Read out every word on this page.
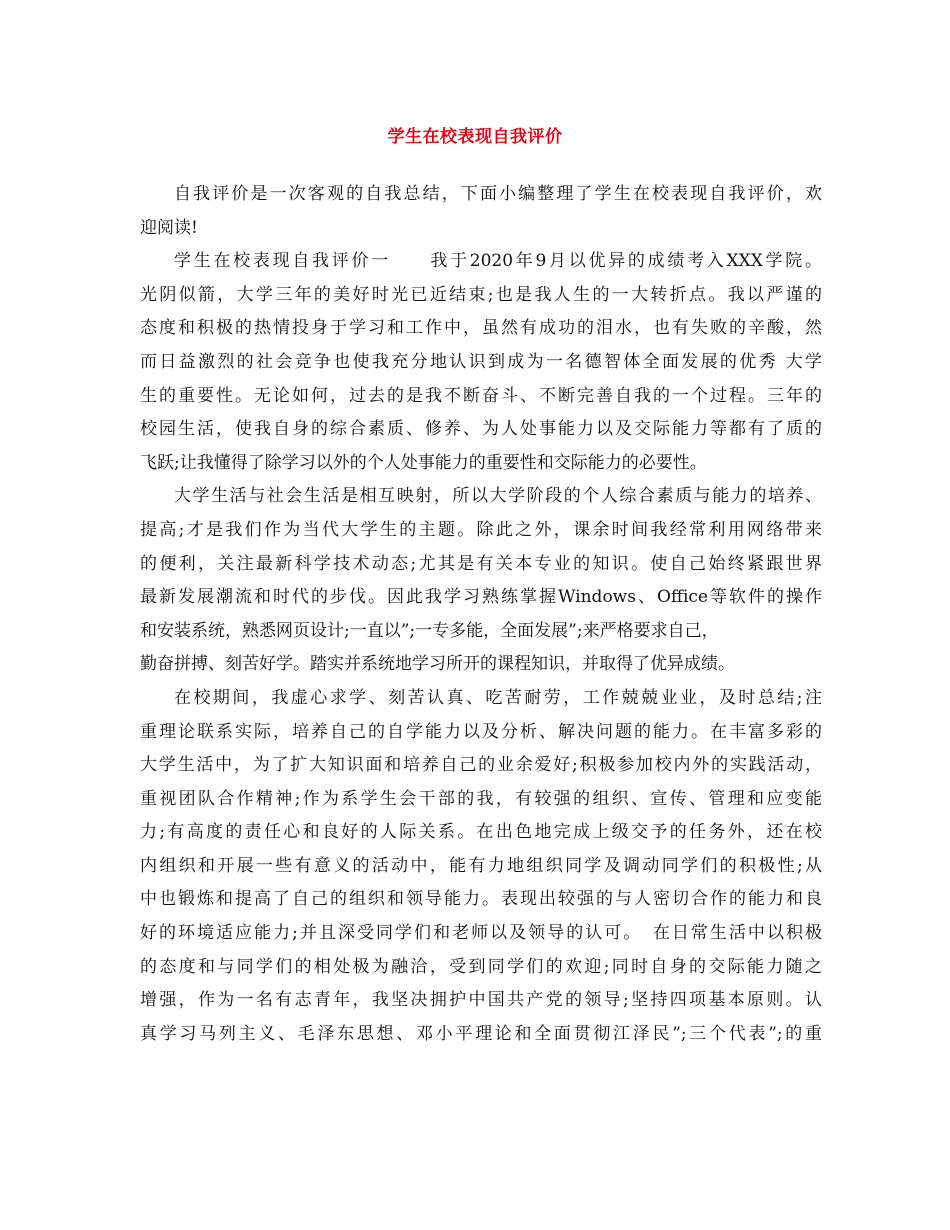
学生在校表现自我评价
自我评价是一次客观的自我总结，下面小编整理了学生在校表现自我评价，欢
迎阅读!
学生在校表现自我评价一　　我于2020年9月以优异的成绩考入XXX学院。
光阴似箭，大学三年的美好时光已近结束;也是我人生的一大转折点。我以严谨的
态度和积极的热情投身于学习和工作中，虽然有成功的泪水，也有失败的辛酸，然
而日益激烈的社会竞争也使我充分地认识到成为一名德智体全面发展的优秀 大学
生的重要性。无论如何，过去的是我不断奋斗、不断完善自我的一个过程。三年的
校园生活，使我自身的综合素质、修养、为人处事能力以及交际能力等都有了质的
飞跃;让我懂得了除学习以外的个人处事能力的重要性和交际能力的必要性。
大学生活与社会生活是相互映射，所以大学阶段的个人综合素质与能力的培养、
提高;才是我们作为当代大学生的主题。除此之外，课余时间我经常利用网络带来
的便利，关注最新科学技术动态;尤其是有关本专业的知识。使自己始终紧跟世界
最新发展潮流和时代的步伐。因此我学习熟练掌握Windows、Office等软件的操作
和安装系统，熟悉网页设计;一直以”;一专多能，全面发展”;来严格要求自己，
勤奋拼搏、刻苦好学。踏实并系统地学习所开的课程知识，并取得了优异成绩。
在校期间，我虚心求学、刻苦认真、吃苦耐劳，工作兢兢业业，及时总结;注
重理论联系实际，培养自己的自学能力以及分析、解决问题的能力。在丰富多彩的
大学生活中，为了扩大知识面和培养自己的业余爱好;积极参加校内外的实践活动，
重视团队合作精神;作为系学生会干部的我，有较强的组织、宣传、管理和应变能
力;有高度的责任心和良好的人际关系。在出色地完成上级交予的任务外，还在校
内组织和开展一些有意义的活动中，能有力地组织同学及调动同学们的积极性;从
中也锻炼和提高了自己的组织和领导能力。表现出较强的与人密切合作的能力和良
好的环境适应能力;并且深受同学们和老师以及领导的认可。　在日常生活中以积极
的态度和与同学们的相处极为融洽，受到同学们的欢迎;同时自身的交际能力随之
增强，作为一名有志青年，我坚决拥护中国共产党的领导;坚持四项基本原则。认
真学习马列主义、毛泽东思想、邓小平理论和全面贯彻江泽民”;三个代表”;的重
